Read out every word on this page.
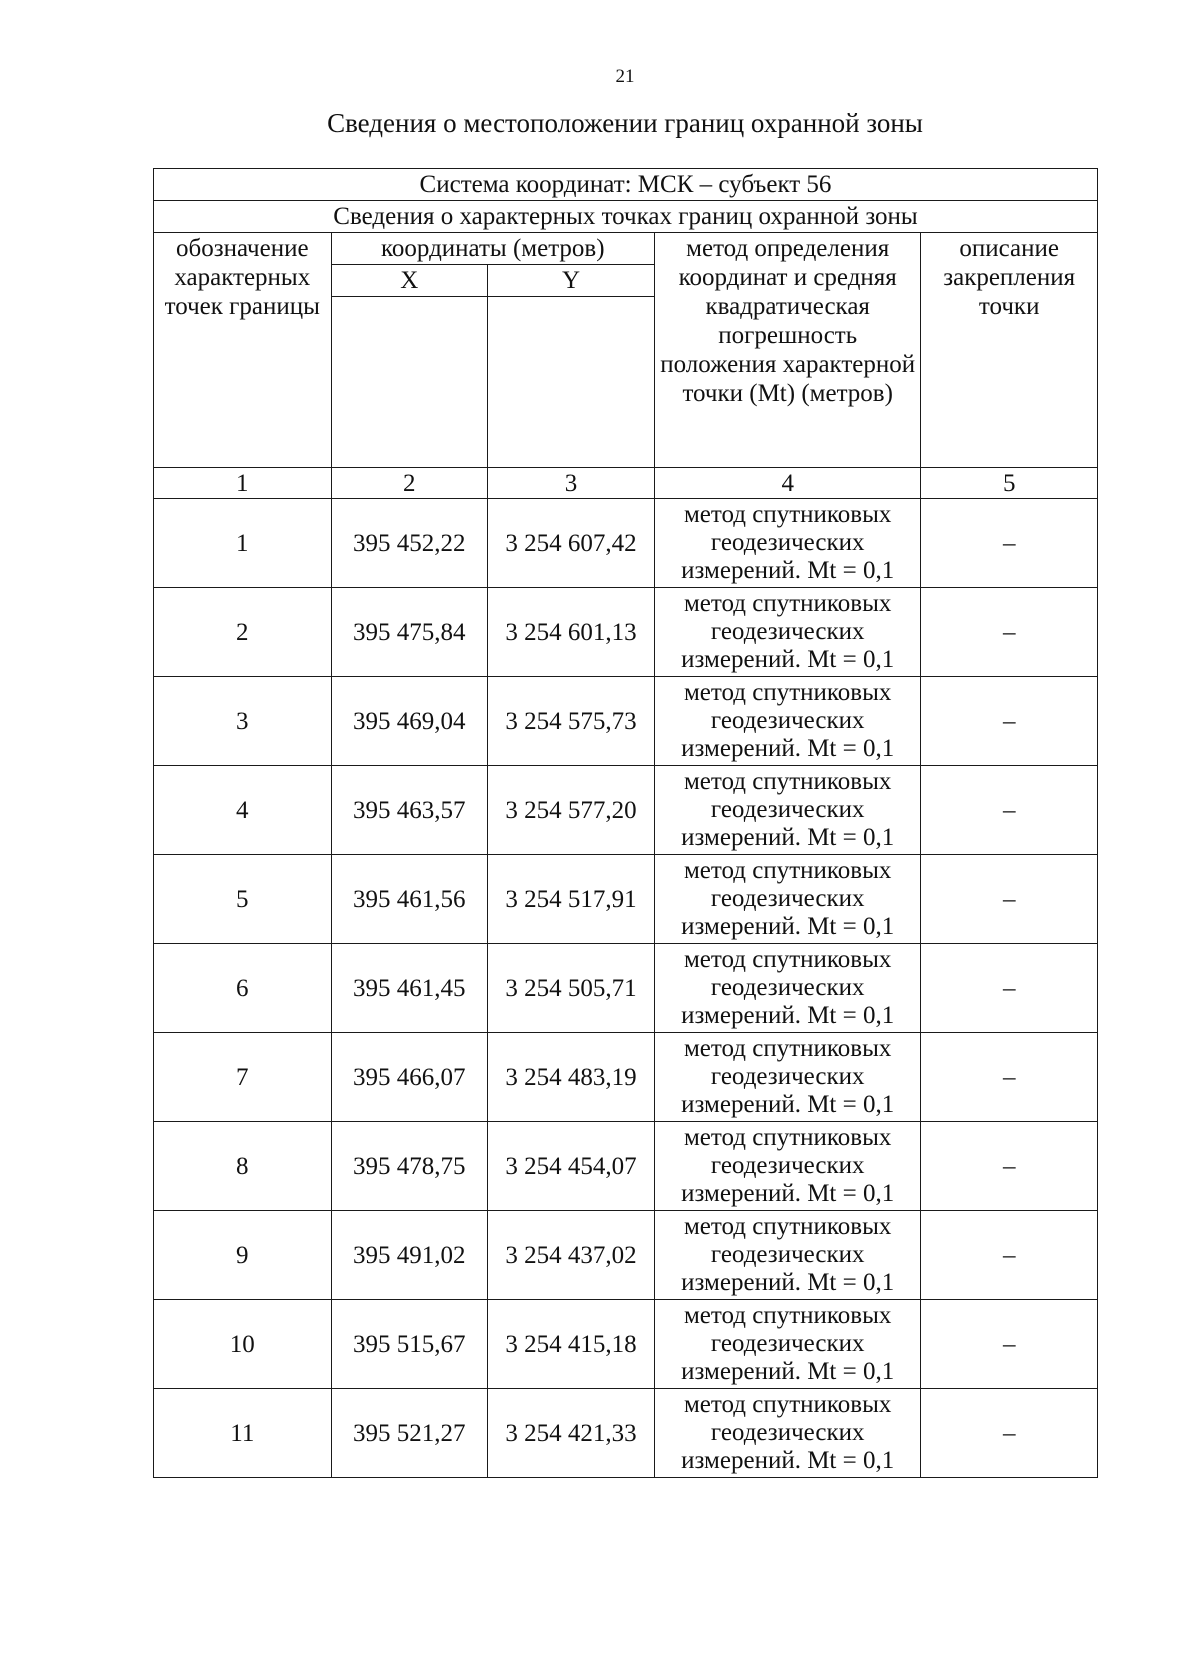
21
Сведения о местоположении границ охранной зоны
Система координат: МСК – субъект 56				
Сведения о характерных точках границ охранной зоны				
обозначение характерных точек границы	координаты (метров)		метод определения координат и средняя квадратическая погрешность положения характерной точки (Mt) (метров)	описание закрепления точки
	X	Y		

1	2	3	4	5
1	395 452,22	3 254 607,42	метод спутниковых
геодезических
измерений. Mt = 0,1	–
2	395 475,84	3 254 601,13	метод спутниковых
геодезических
измерений. Mt = 0,1	–
3	395 469,04	3 254 575,73	метод спутниковых
геодезических
измерений. Mt = 0,1	–
4	395 463,57	3 254 577,20	метод спутниковых
геодезических
измерений. Mt = 0,1	–
5	395 461,56	3 254 517,91	метод спутниковых
геодезических
измерений. Mt = 0,1	–
6	395 461,45	3 254 505,71	метод спутниковых
геодезических
измерений. Mt = 0,1	–
7	395 466,07	3 254 483,19	метод спутниковых
геодезических
измерений. Mt = 0,1	–
8	395 478,75	3 254 454,07	метод спутниковых
геодезических
измерений. Mt = 0,1	–
9	395 491,02	3 254 437,02	метод спутниковых
геодезических
измерений. Mt = 0,1	–
10	395 515,67	3 254 415,18	метод спутниковых
геодезических
измерений. Mt = 0,1	–
11	395 521,27	3 254 421,33	метод спутниковых
геодезических
измерений. Mt = 0,1	–
